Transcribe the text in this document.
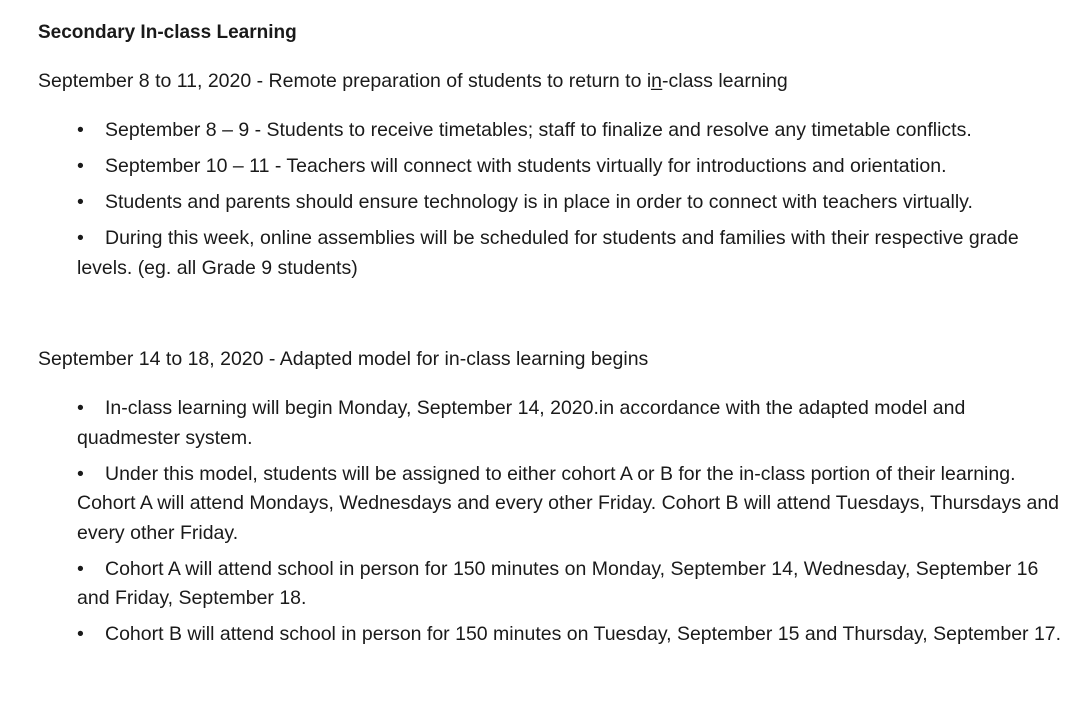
Secondary In-class Learning
September 8 to 11, 2020 - Remote preparation of students to return to in̲-class learning
• September 8 – 9 - Students to receive timetables; staff to finalize and resolve any timetable conflicts.
• September 10 – 11 - Teachers will connect with students virtually for introductions and orientation.
• Students and parents should ensure technology is in place in order to connect with teachers virtually.
• During this week, online assemblies will be scheduled for students and families with their respective grade levels. (eg. all Grade 9 students)
September 14 to 18, 2020 - Adapted model for in-class learning begins
• In-class learning will begin Monday, September 14, 2020.in accordance with the adapted model and quadmester system.
• Under this model, students will be assigned to either cohort A or B for the in-class portion of their learning. Cohort A will attend Mondays, Wednesdays and every other Friday. Cohort B will attend Tuesdays, Thursdays and every other Friday.
• Cohort A will attend school in person for 150 minutes on Monday, September 14, Wednesday, September 16 and Friday, September 18.
• Cohort B will attend school in person for 150 minutes on Tuesday, September 15 and Thursday, September 17.
